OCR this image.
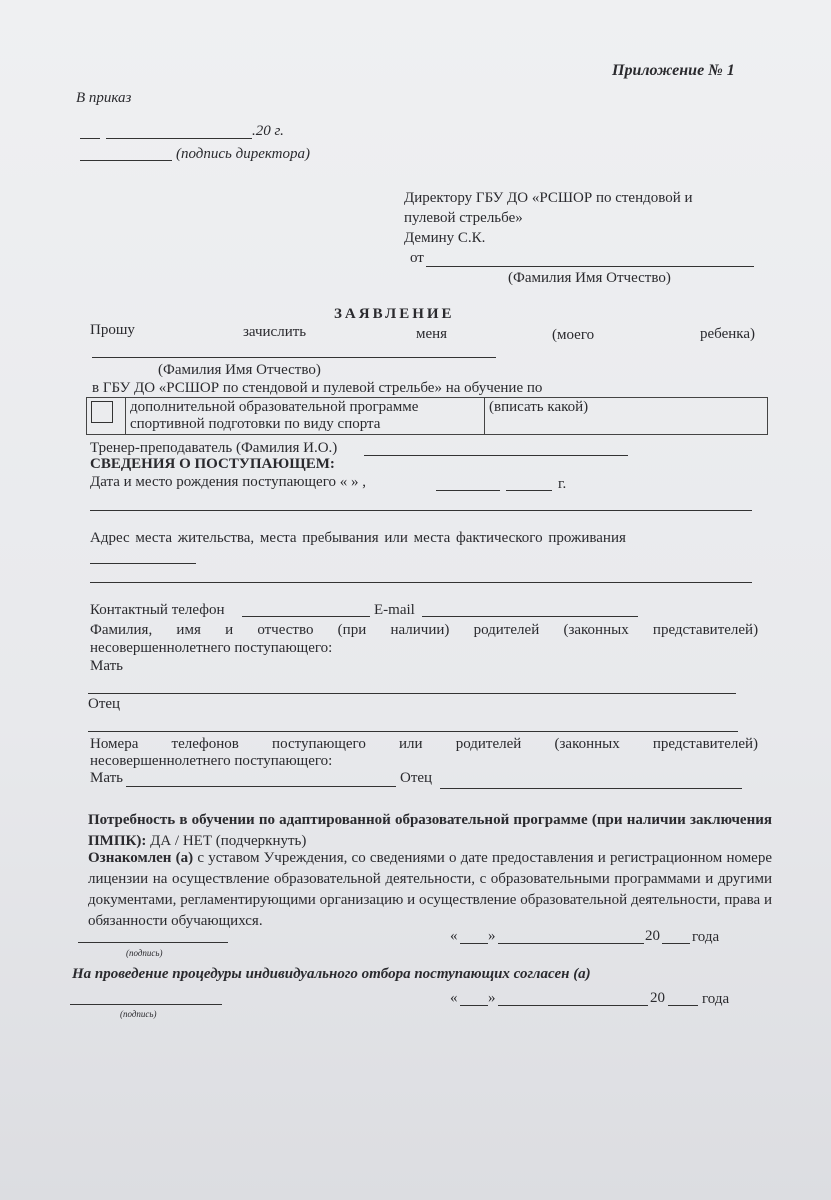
Приложение № 1
В приказ
.20 г.
(подпись директора)
Директору ГБУ ДО «РСШОР по стендовой и
пулевой стрельбе»
Демину С.К.
от
(Фамилия Имя Отчество)
ЗАЯВЛЕНИЕ
Прошу	зачислить	меня	(моего	ребенка)
(Фамилия Имя Отчество)
в ГБУ ДО «РСШОР по стендовой и пулевой стрельбе» на обучение по

дополнительной образовательной программе
спортивной подготовки по виду спорта
	(вписать какой)
Тренер-преподаватель (Фамилия И.О.)
СВЕДЕНИЯ О ПОСТУПАЮЩЕМ:
Дата и место рождения поступающего « » ,	г.
Адрес места жительства, места пребывания или места фактического проживания
Контактный телефон	E-mail
Фамилия, имя и отчество (при наличии) родителей (законных представителей)
несовершеннолетнего поступающего:
Мать
Отец
Номера телефонов поступающего или родителей (законных представителей)
несовершеннолетнего поступающего:
Мать	Отец
Потребность в обучении по адаптированной образовательной программе (при наличии заключения ПМПК): ДА / НЕТ (подчеркнуть)
Ознакомлен (а) с уставом Учреждения, со сведениями о дате предоставления и регистрационном номере лицензии на осуществление образовательной деятельности, с образовательными программами и другими документами, регламентирующими организацию и осуществление образовательной деятельности, права и обязанности обучающихся.
(подпись)
« »	20 года
На проведение процедуры индивидуального отбора поступающих согласен (а)
(подпись)
« »	20 года
